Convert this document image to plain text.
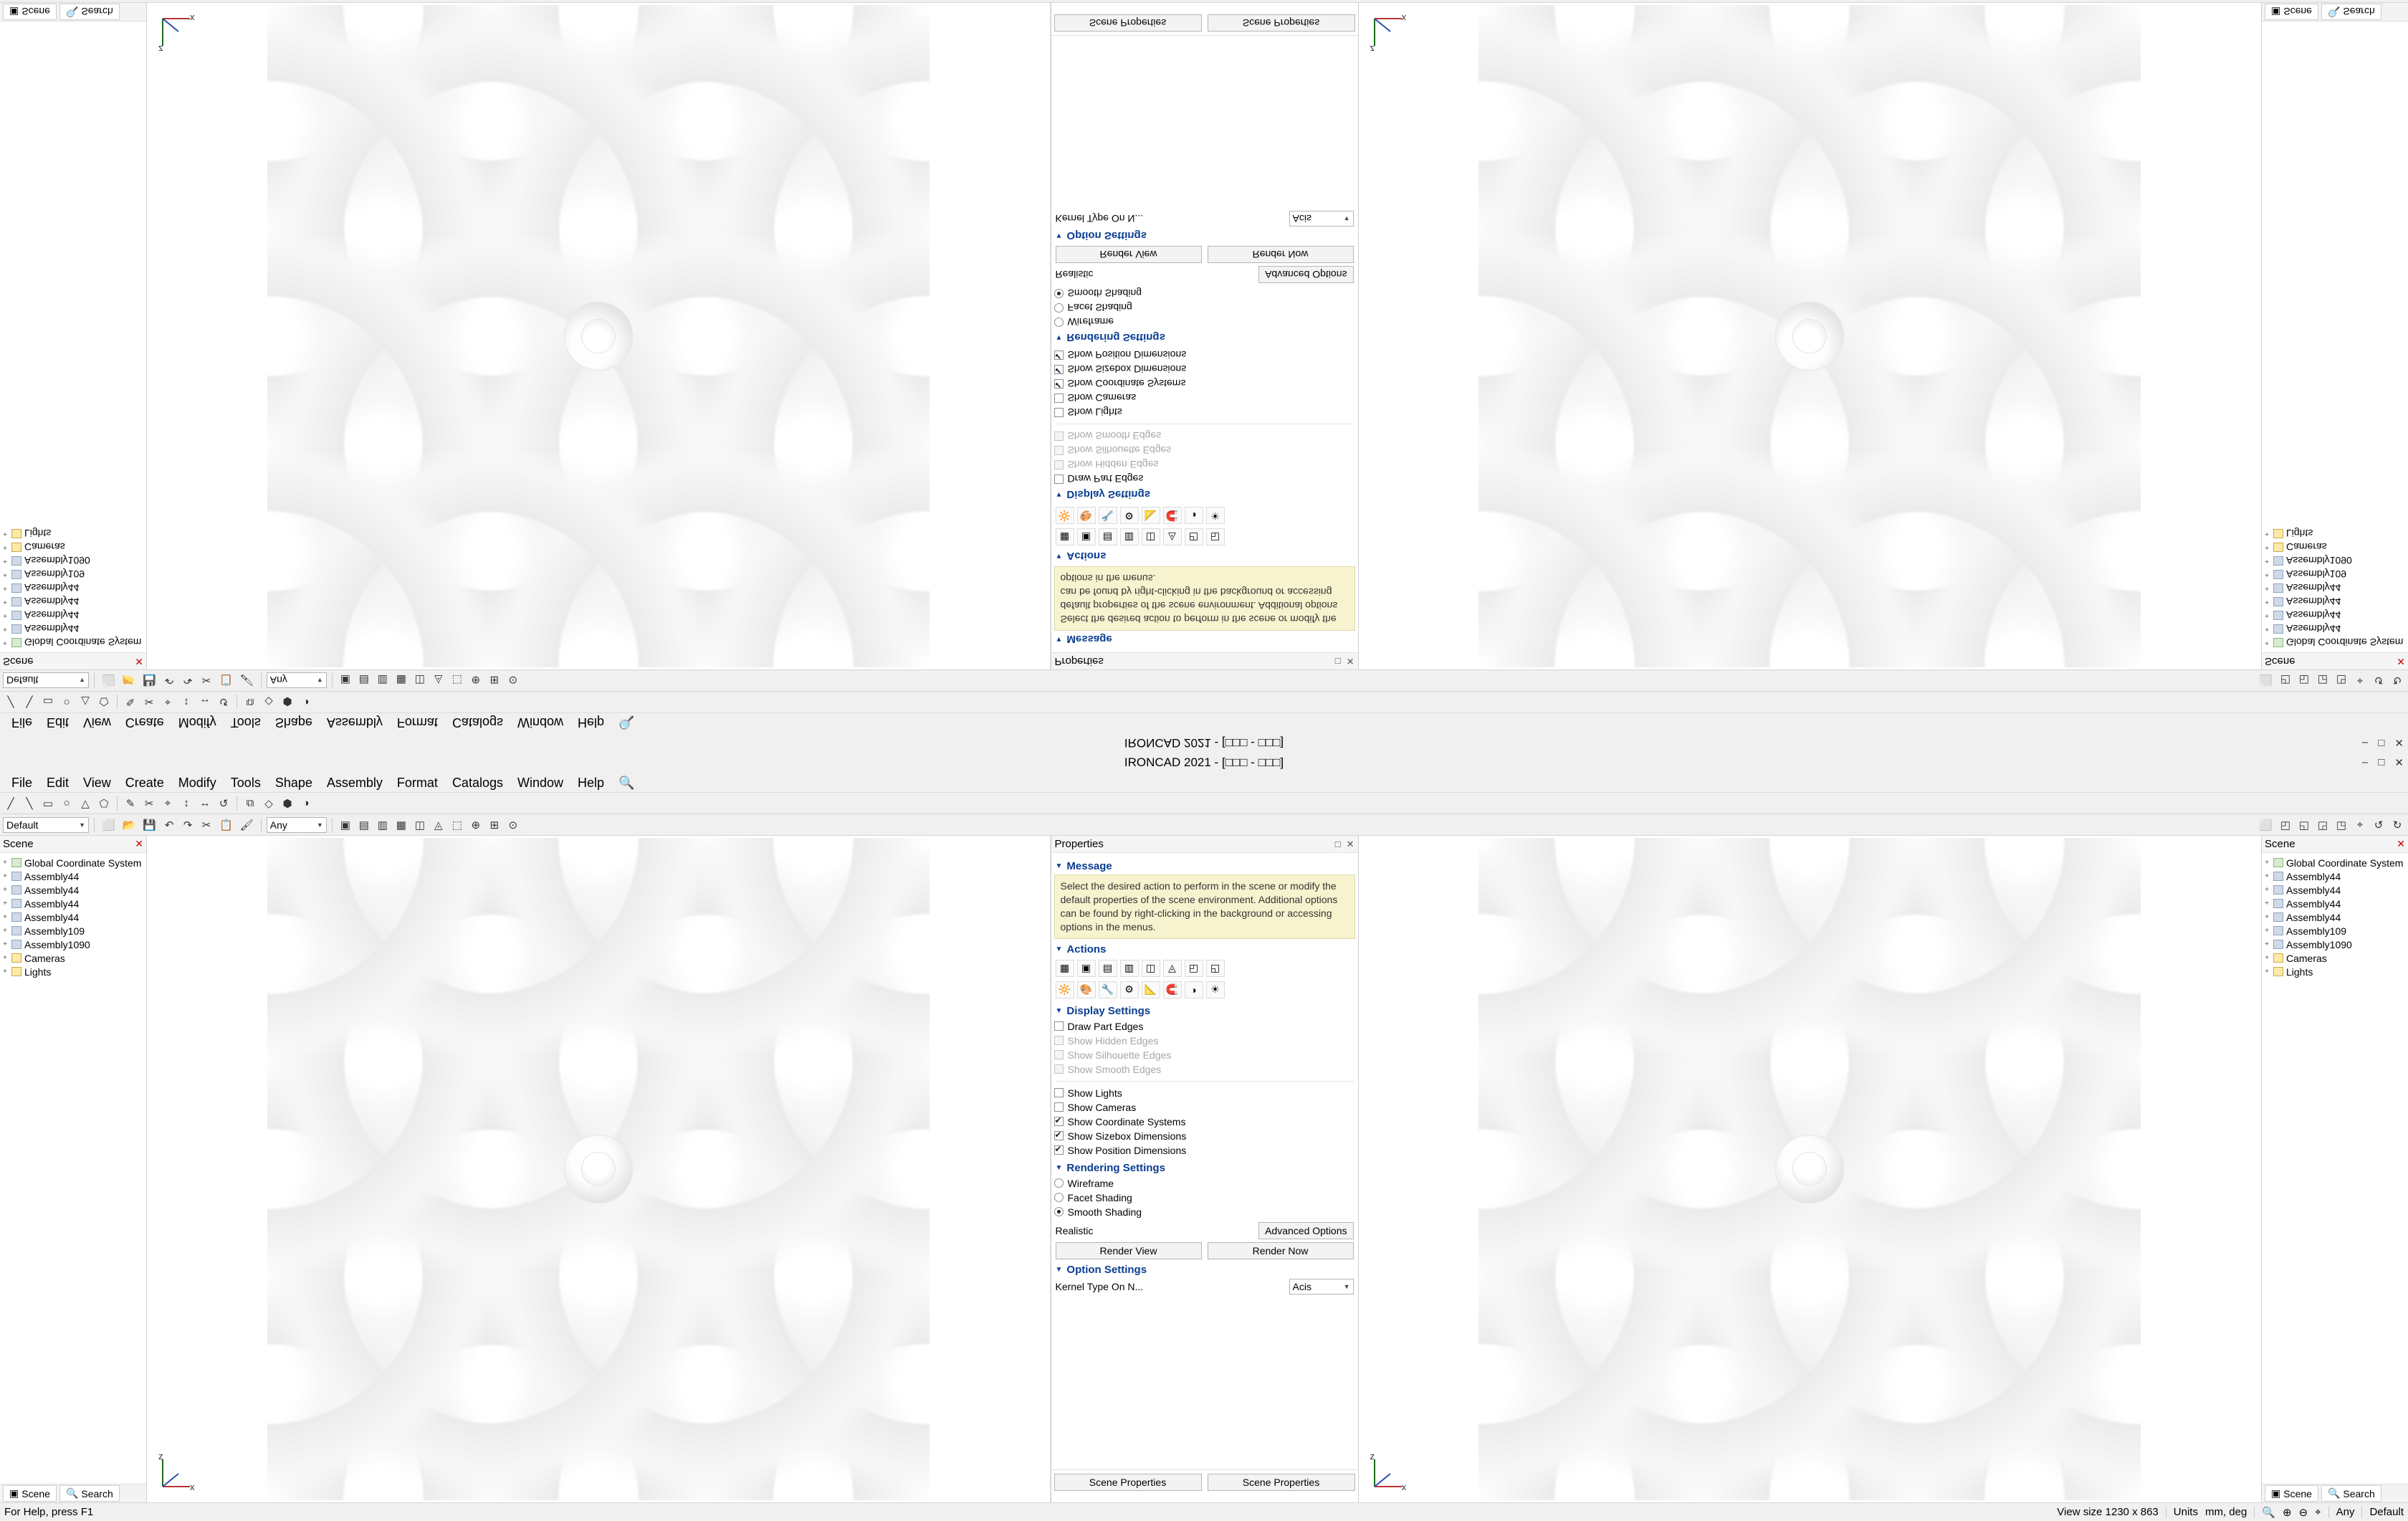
IRONCAD 2021 - [□□□ - □□□]	– □ ✕
File	Edit	View	Create	Modify	Tools	Shape	Assembly	Format	Catalogs	Window	Help	🔍
╱	╲ ▭ ○	△ ⬠	✎ ✂	⌖	↕ ↔ ↺	⧉ ◇ ⬢ ◑
Default	▼ ⬜ 📂 💾 ↶ ↷ ✂ 📋 🖌 Any	▼ ▣ ▤ ▥ ▦ ◫ ◬ ⬚ ⊕ ⊞ ⊙	⬜ ◰ ◱ ◲ ◳ ⌖	↺ ↻
Scene	✕
+ Global Coordinate System
+ Assembly44
+ Assembly44
+ Assembly44
+ Assembly44
+ Assembly109
+ Assembly1090
+ Cameras
+ Lights
▣ Scene 🔍 Search
z
x
Properties	□ ✕
▼ Message
Select the desired action to perform in the scene or modify the default properties of the scene environment. Additional options can be found by right-clicking in the background or accessing options in the menus.
▼ Actions
▦	▣	▤	▥	◫	◬	◰	◱
🔆 🎨 🔧	⚙	📐 🧲	◑	☀
▼ Display Settings
Draw Part Edges
Show Hidden Edges
Show Silhouette Edges
Show Smooth Edges
Show Lights
Show Cameras
✔
Show Coordinate Systems
✔
Show Sizebox Dimensions
✔
Show Position Dimensions
▼ Rendering Settings
Wireframe
Facet Shading
Smooth Shading
Realistic	Advanced Options
Render View	Render Now
▼ Option Settings
Kernel Type On N...	Acis	▼
Scene Properties	Scene Properties
z
x
Scene	✕
+ Global Coordinate System
+ Assembly44
+ Assembly44
+ Assembly44
+ Assembly44
+ Assembly109
+ Assembly1090
+ Cameras
+ Lights
▣ Scene 🔍 Search
IRONCAD 2021 - [□□□ - □□□]	– □ ✕
File	Edit	View	Create	Modify	Tools	Shape	Assembly	Format	Catalogs	Window	Help	🔍
╱	╲ ▭ ○	△ ⬠	✎ ✂	⌖	↕ ↔ ↺	⧉ ◇ ⬢ ◑
Default	▼ ⬜ 📂 💾 ↶ ↷ ✂ 📋 🖌 Any	▼ ▣ ▤ ▥ ▦ ◫ ◬ ⬚ ⊕ ⊞ ⊙	⬜ ◰ ◱ ◲ ◳ ⌖	↺ ↻
Scene	✕
+ Global Coordinate System
+ Assembly44
+ Assembly44
+ Assembly44
+ Assembly44
+ Assembly109
+ Assembly1090
+ Cameras
+ Lights
▣ Scene 🔍 Search
z
x
Properties	□ ✕
▼ Message
Select the desired action to perform in the scene or modify the default properties of the scene environment. Additional options can be found by right-clicking in the background or accessing options in the menus.
▼ Actions
▦	▣	▤	▥	◫	◬	◰	◱
🔆 🎨 🔧	⚙	📐 🧲	◑	☀
▼ Display Settings
Draw Part Edges
Show Hidden Edges
Show Silhouette Edges
Show Smooth Edges
Show Lights
Show Cameras
✔
Show Coordinate Systems
✔
Show Sizebox Dimensions
✔
Show Position Dimensions
▼ Rendering Settings
Wireframe
Facet Shading
Smooth Shading
Realistic	Advanced Options
Render View	Render Now
▼ Option Settings
Kernel Type On N...	Acis	▼
Scene Properties	Scene Properties
z
x
Scene	✕
+ Global Coordinate System
+ Assembly44
+ Assembly44
+ Assembly44
+ Assembly44
+ Assembly109
+ Assembly1090
+ Cameras
+ Lights
▣ Scene 🔍 Search
For Help, press F1	View size 1230 x 863 Units mm, deg 🔍 ⊕ ⊖ ⌖ Any Default
